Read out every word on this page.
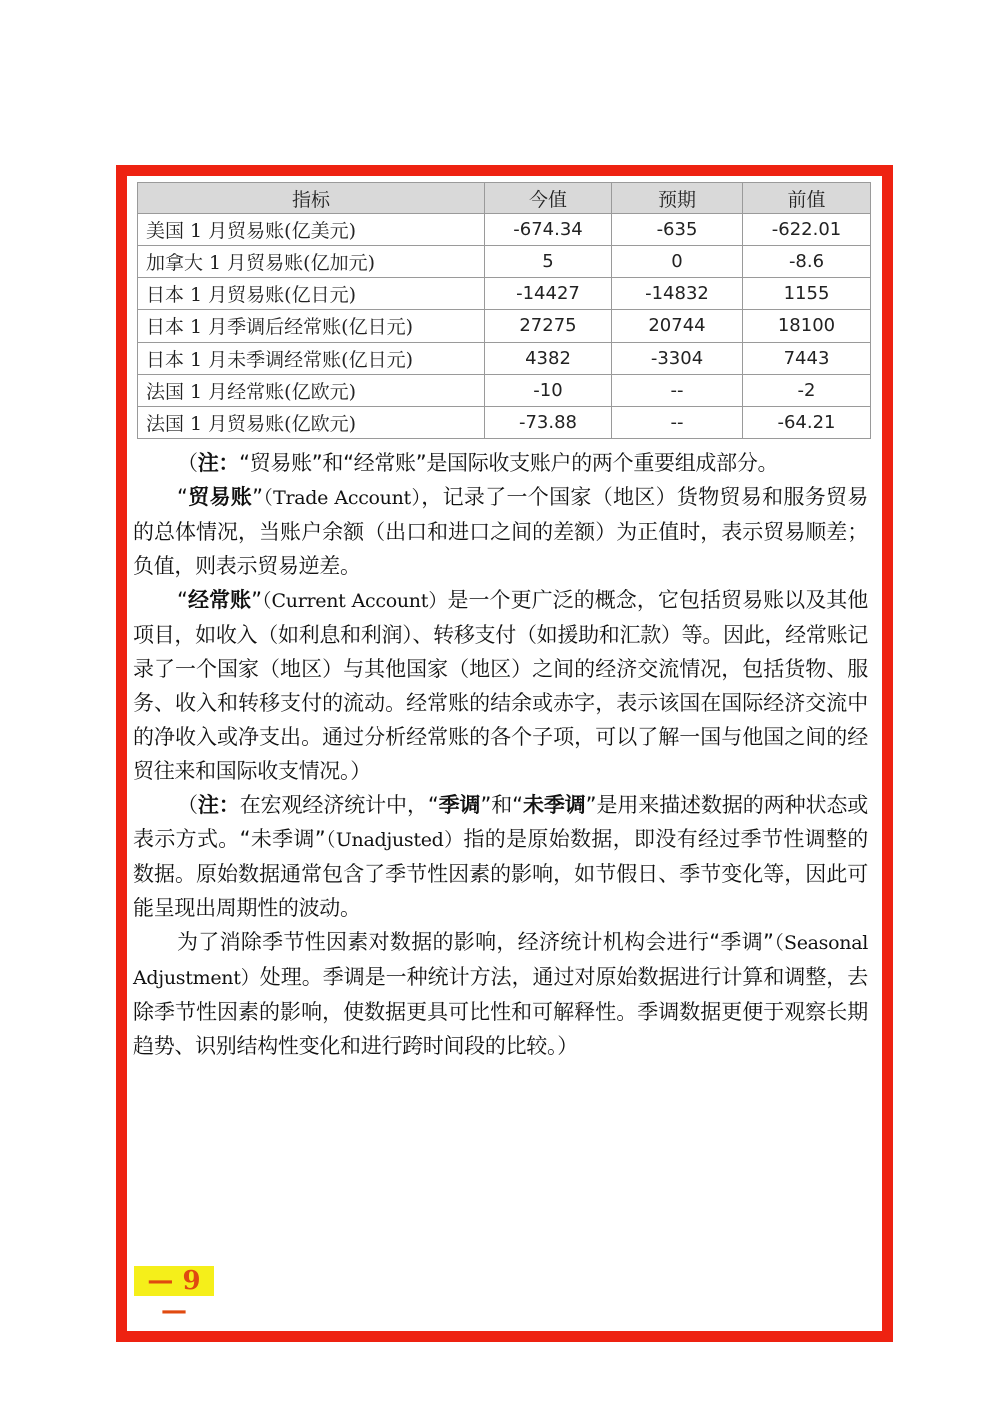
指标	今值	预期	前值
美国 1 月贸易账(亿美元)	-674.34	-635	-622.01
加拿大 1 月贸易账(亿加元)	5	0	-8.6
日本 1 月贸易账(亿日元)	-14427	-14832	1155
日本 1 月季调后经常账(亿日元)	27275	20744	18100
日本 1 月未季调经常账(亿日元)	4382	-3304	7443
法国 1 月经常账(亿欧元)	-10	--	-2
法国 1 月贸易账(亿欧元)	-73.88	--	-64.21

（注：“贸易账”和“经常账”是国际收支账户的两个重要组成部分。

“贸易账”（Trade Account），记录了一个国家（地区）货物贸易和服务贸易的总体情况，当账户余额（出口和进口之间的差额）为正值时，表示贸易顺差；负值，则表示贸易逆差。

“经常账”（Current Account）是一个更广泛的概念，它包括贸易账以及其他项目，如收入（如利息和利润）、转移支付（如援助和汇款）等。因此，经常账记录了一个国家（地区）与其他国家（地区）之间的经济交流情况，包括货物、服务、收入和转移支付的流动。经常账的结余或赤字，表示该国在国际经济交流中的净收入或净支出。通过分析经常账的各个子项，可以了解一国与他国之间的经贸往来和国际收支情况。）

（注：在宏观经济统计中，“季调”和“未季调”是用来描述数据的两种状态或表示方式。“未季调”（Unadjusted）指的是原始数据，即没有经过季节性调整的数据。原始数据通常包含了季节性因素的影响，如节假日、季节变化等，因此可能呈现出周期性的波动。

为了消除季节性因素对数据的影响，经济统计机构会进行“季调”（Seasonal Adjustment）处理。季调是一种统计方法，通过对原始数据进行计算和调整，去除季节性因素的影响，使数据更具可比性和可解释性。季调数据更便于观察长期趋势、识别结构性变化和进行跨时间段的比较。）

— 9 —
